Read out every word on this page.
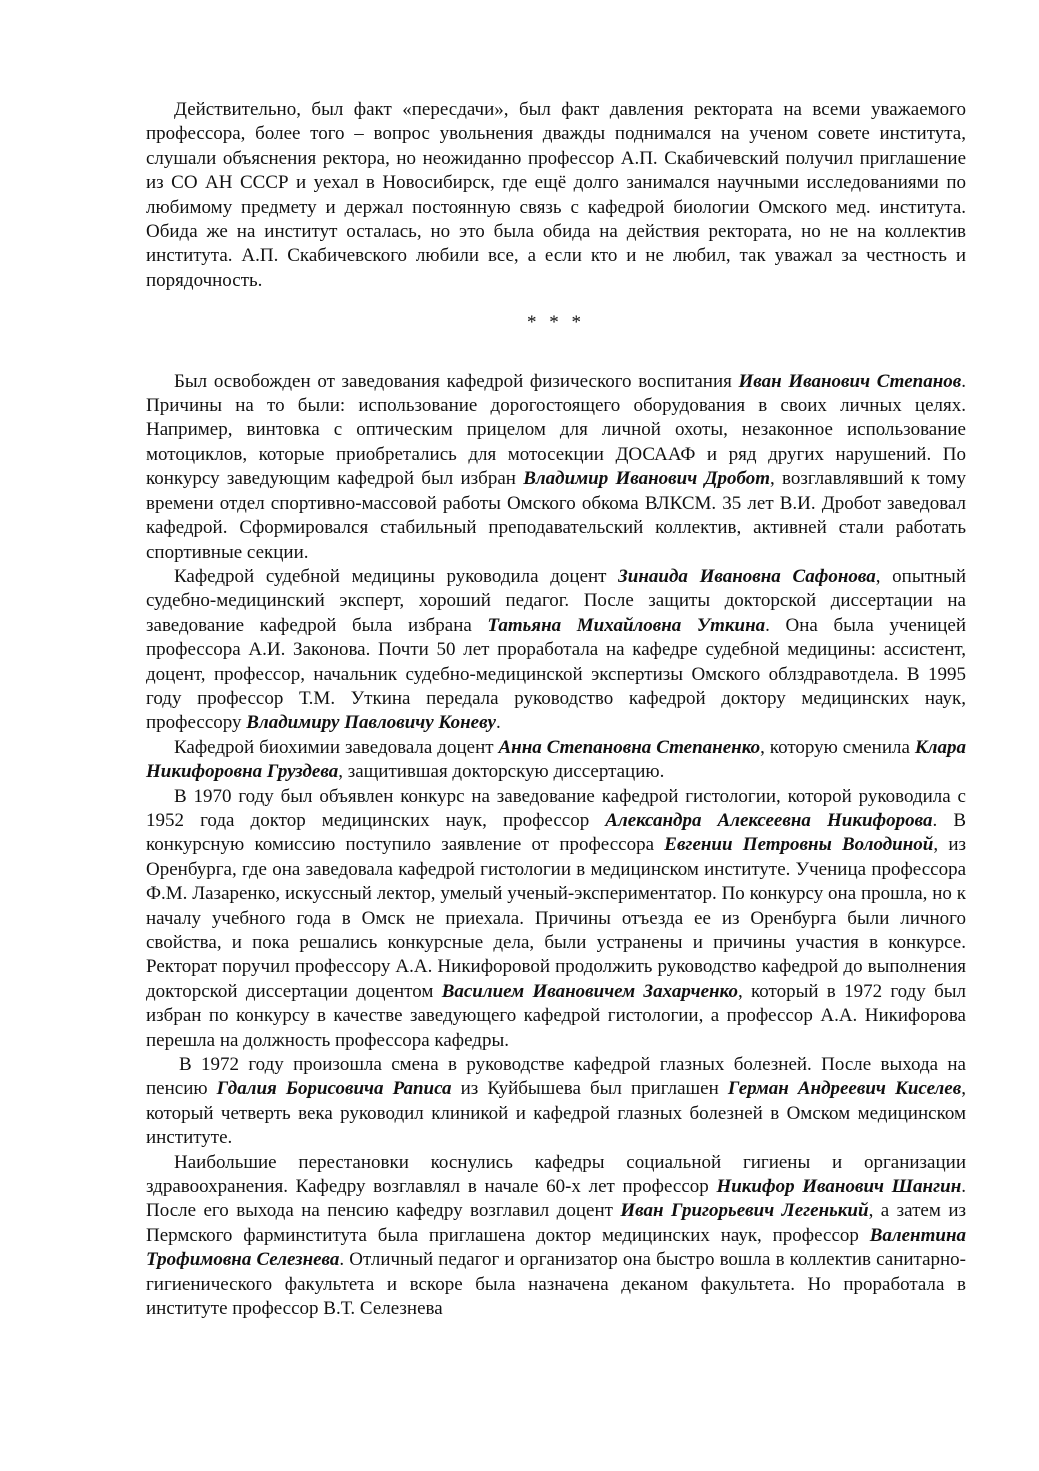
Действительно, был факт «пересдачи», был факт давления ректората на всеми уважаемого профессора, более того – вопрос увольнения дважды поднимался на ученом совете института, слушали объяснения ректора, но неожиданно профессор А.П. Скабичевский получил приглашение из СО АН СССР и уехал в Новосибирск, где ещё долго занимался научными исследованиями по любимому предмету и держал постоянную связь с кафедрой биологии Омского мед. института. Обида же на институт осталась, но это была обида на действия ректората, но не на коллектив института. А.П. Скабичевского любили все, а если кто и не любил, так уважал за честность и порядочность.

* * *

Был освобожден от заведования кафедрой физического воспитания Иван Иванович Степанов. Причины на то были: использование дорогостоящего оборудования в своих личных целях. Например, винтовка с оптическим прицелом для личной охоты, незаконное использование мотоциклов, которые приобретались для мотосекции ДОСААФ и ряд других нарушений. По конкурсу заведующим кафедрой был избран Владимир Иванович Дробот, возглавлявший к тому времени отдел спортивно-массовой работы Омского обкома ВЛКСМ. 35 лет В.И. Дробот заведовал кафедрой. Сформировался стабильный преподавательский коллектив, активней стали работать спортивные секции.

Кафедрой судебной медицины руководила доцент Зинаида Ивановна Сафонова, опытный судебно-медицинский эксперт, хороший педагог. После защиты докторской диссертации на заведование кафедрой была избрана Татьяна Михайловна Уткина. Она была ученицей профессора А.И. Законова. Почти 50 лет проработала на кафедре судебной медицины: ассистент, доцент, профессор, начальник судебно-медицинской экспертизы Омского облздравотдела. В 1995 году профессор Т.М. Уткина передала руководство кафедрой доктору медицинских наук, профессору Владимиру Павловичу Коневу.

Кафедрой биохимии заведовала доцент Анна Степановна Степаненко, которую сменила Клара Никифоровна Груздева, защитившая докторскую диссертацию.

В 1970 году был объявлен конкурс на заведование кафедрой гистологии, которой руководила с 1952 года доктор медицинских наук, профессор Александра Алексеевна Никифорова. В конкурсную комиссию поступило заявление от профессора Евгении Петровны Володиной, из Оренбурга, где она заведовала кафедрой гистологии в медицинском институте. Ученица профессора Ф.М. Лазаренко, искуссный лектор, умелый ученый-экспериментатор. По конкурсу она прошла, но к началу учебного года в Омск не приехала. Причины отъезда ее из Оренбурга были личного свойства, и пока решались конкурсные дела, были устранены и причины участия в конкурсе. Ректорат поручил профессору А.А. Никифоровой продолжить руководство кафедрой до выполнения докторской диссертации доцентом Василием Ивановичем Захарченко, который в 1972 году был избран по конкурсу в качестве заведующего кафедрой гистологии, а профессор А.А. Никифорова перешла на должность профессора кафедры.

В 1972 году произошла смена в руководстве кафедрой глазных болезней. После выхода на пенсию Гдалия Борисовича Раписа из Куйбышева был приглашен Герман Андреевич Киселев, который четверть века руководил клиникой и кафедрой глазных болезней в Омском медицинском институте.

Наибольшие перестановки коснулись кафедры социальной гигиены и организации здравоохранения. Кафедру возглавлял в начале 60-х лет профессор Никифор Иванович Шангин. После его выхода на пенсию кафедру возглавил доцент Иван Григорьевич Легенький, а затем из Пермского фарминститута была приглашена доктор медицинских наук, профессор Валентина Трофимовна Селезнева. Отличный педагог и организатор она быстро вошла в коллектив санитарно-гигиенического факультета и вскоре была назначена деканом факультета. Но проработала в институте профессор В.Т. Селезнева
